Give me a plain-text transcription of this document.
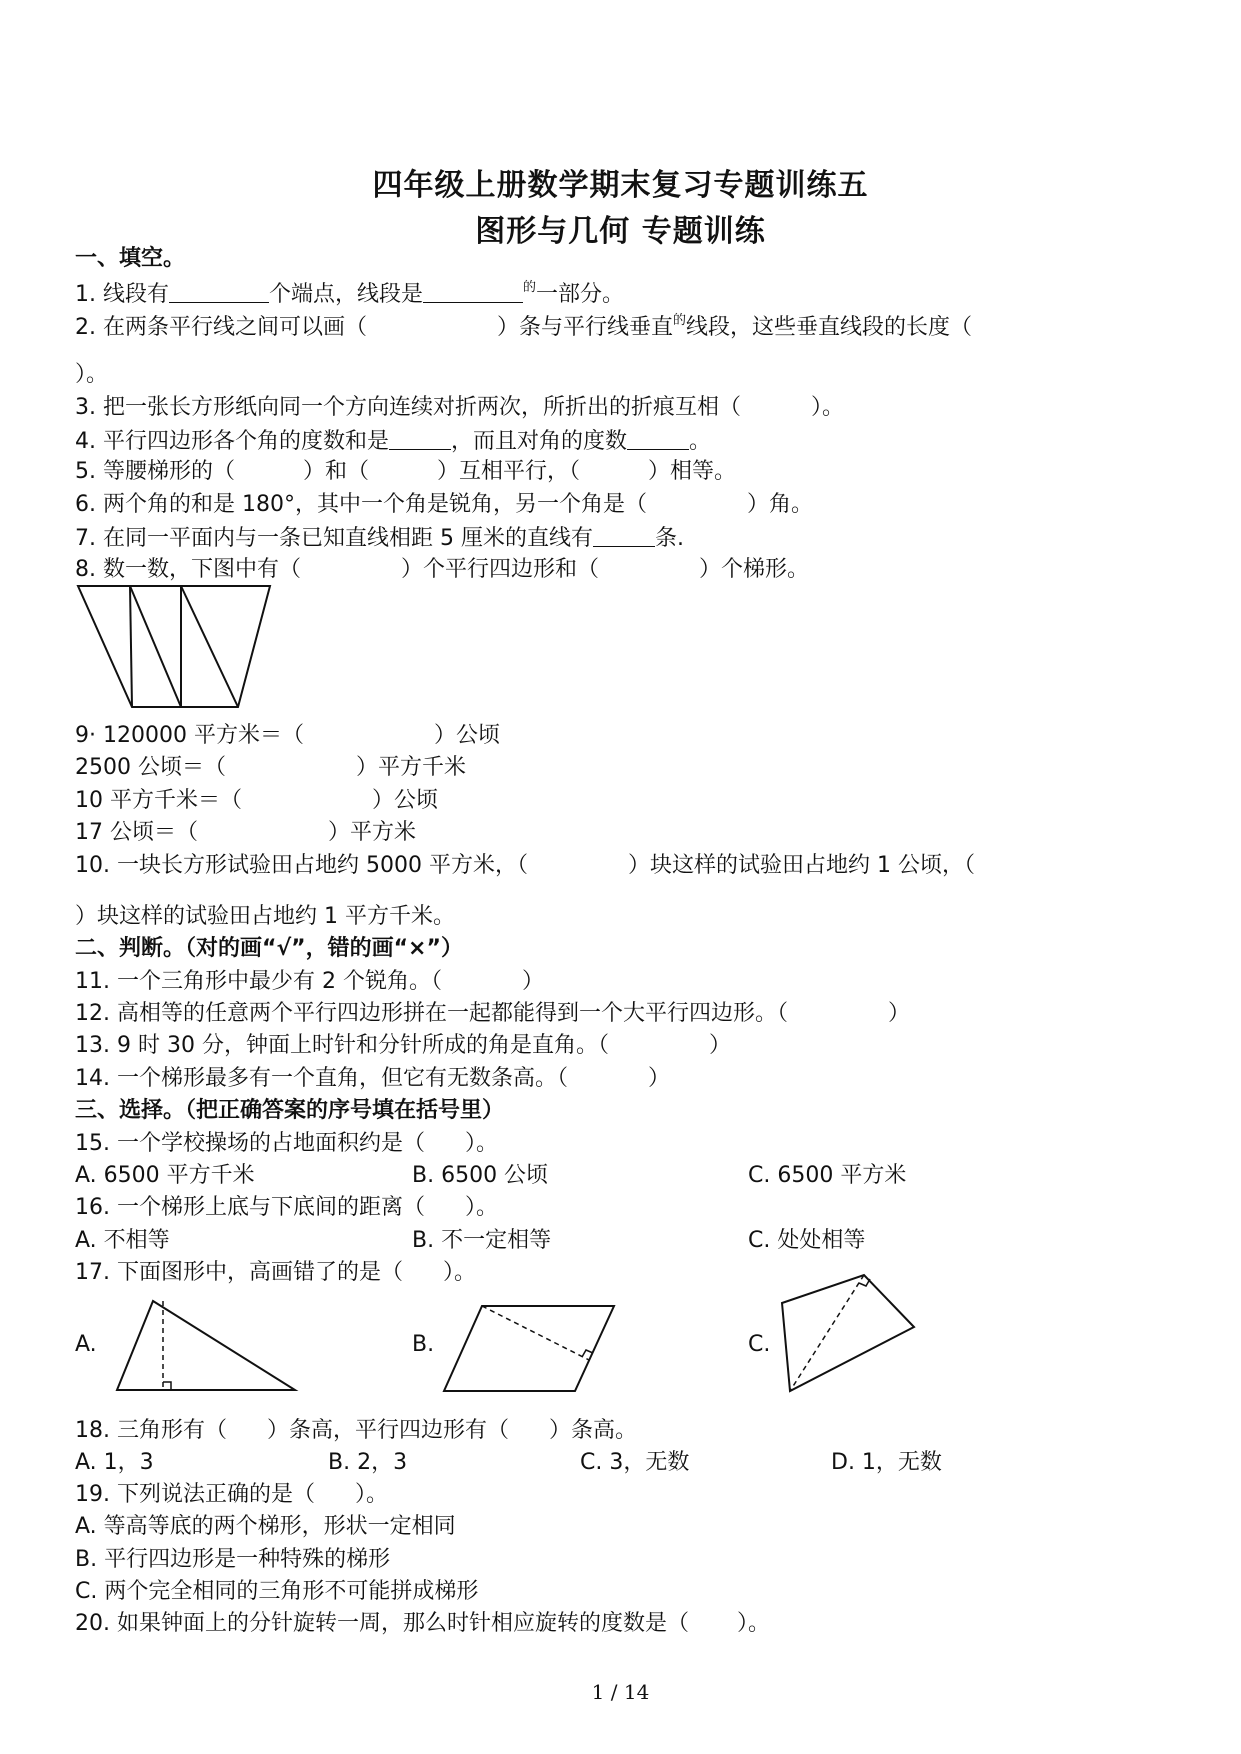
四年级上册数学期末复习专题训练五
图形与几何 专题训练
一、填空。
1. 线段有	个端点，线段是	$^的$一部分。
2. 在两条平行线之间可以画（	）条与平行线垂直$^的$线段，这些垂直线段的长度（
）。
3. 把一张长方形纸向同一个方向连续对折两次，所折出的折痕互相（	）。
4. 平行四边形各个角的度数和是	，而且对角的度数	。
5. 等腰梯形的（	）和（	）互相平行，（	）相等。
6. 两个角的和是 180°，其中一个角是锐角，另一个角是（	）角。
7. 在同一平面内与一条已知直线相距 5 厘米的直线有	条.
8. 数一数，下图中有（	）个平行四边形和（	）个梯形。
9· 120000 平方米＝（	）公顷
2500 公顷＝（	）平方千米
10 平方千米＝（	）公顷
17 公顷＝（	）平方米
10. 一块长方形试验田占地约 5000 平方米，（	）块这样的试验田占地约 1 公顷，（
）块这样的试验田占地约 1 平方千米。
二、判断。（对的画“√”，错的画“×”）
11. 一个三角形中最少有 2 个锐角。（	）
12. 高相等的任意两个平行四边形拼在一起都能得到一个大平行四边形。（	）
13. 9 时 30 分，钟面上时针和分针所成的角是直角。（	）
14. 一个梯形最多有一个直角，但它有无数条高。（	）
三、选择。（把正确答案的序号填在括号里）
15. 一个学校操场的占地面积约是（ ）。
A. 6500 平方千米	B. 6500 公顷	C. 6500 平方米
16. 一个梯形上底与下底间的距离（ ）。
A. 不相等	B. 不一定相等	C. 处处相等
17. 下面图形中，高画错了的是（ ）。
A.	B.	C.
18. 三角形有（ ）条高，平行四边形有（ ）条高。
A. 1，3	B. 2，3	C. 3，无数	D. 1，无数
19. 下列说法正确的是（ ）。
A. 等高等底的两个梯形，形状一定相同
B. 平行四边形是一种特殊的梯形
C. 两个完全相同的三角形不可能拼成梯形
20. 如果钟面上的分针旋转一周，那么时针相应旋转的度数是（ ）。
1 / 14
